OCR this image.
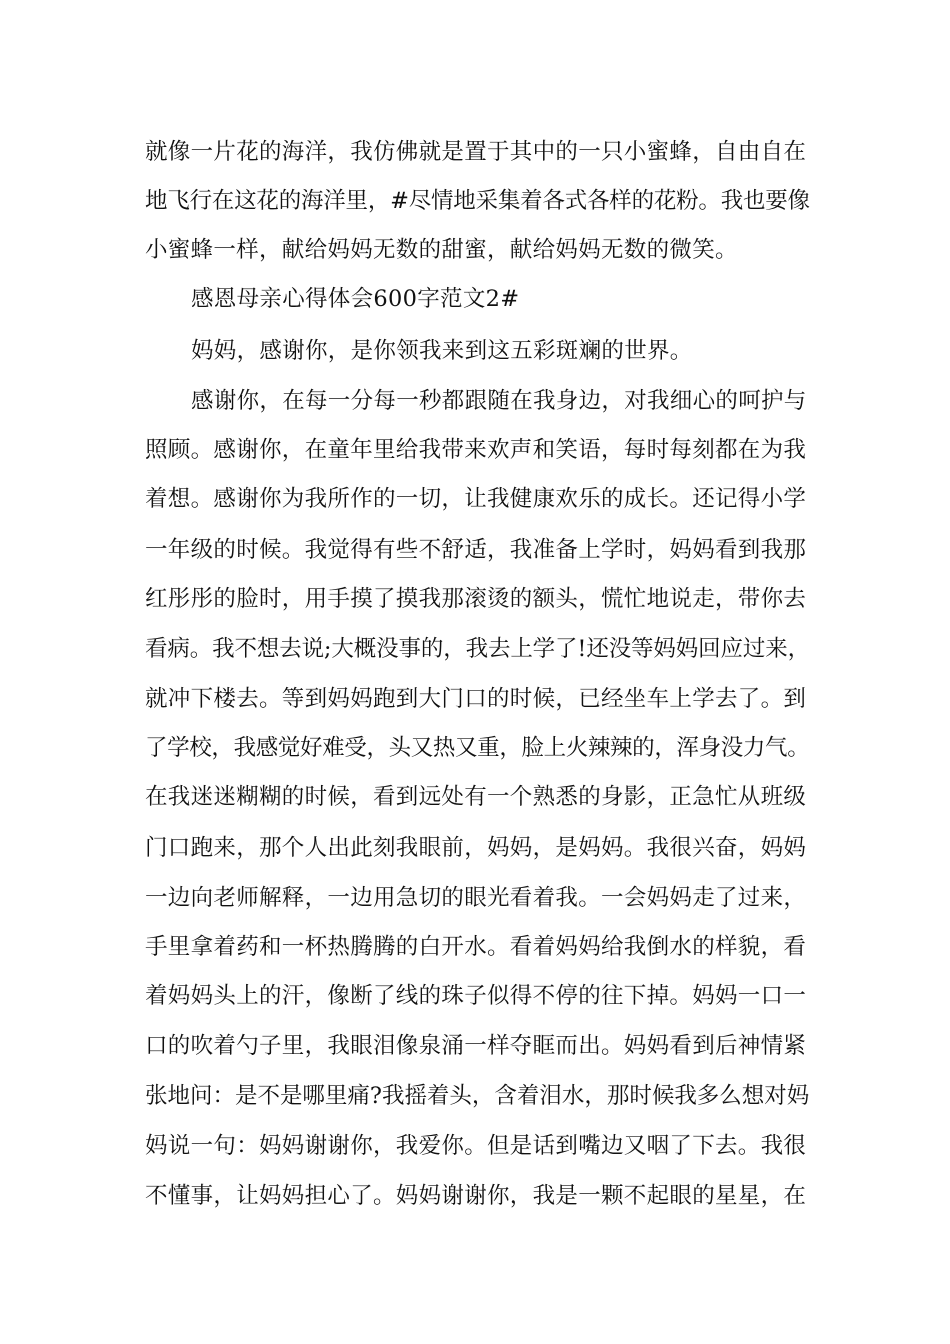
就像一片花的海洋，我仿佛就是置于其中的一只小蜜蜂，自由自在
地飞行在这花的海洋里，#尽情地采集着各式各样的花粉。我也要像
小蜜蜂一样，献给妈妈无数的甜蜜，献给妈妈无数的微笑。
感恩母亲心得体会600字范文2#
妈妈，感谢你，是你领我来到这五彩斑斓的世界。
感谢你，在每一分每一秒都跟随在我身边，对我细心的呵护与
照顾。感谢你，在童年里给我带来欢声和笑语，每时每刻都在为我
着想。感谢你为我所作的一切，让我健康欢乐的成长。还记得小学
一年级的时候。我觉得有些不舒适，我准备上学时，妈妈看到我那
红彤彤的脸时，用手摸了摸我那滚烫的额头，慌忙地说走，带你去
看病。我不想去说;大概没事的，我去上学了!还没等妈妈回应过来，
就冲下楼去。等到妈妈跑到大门口的时候，已经坐车上学去了。到
了学校，我感觉好难受，头又热又重，脸上火辣辣的，浑身没力气。
在我迷迷糊糊的时候，看到远处有一个熟悉的身影，正急忙从班级
门口跑来，那个人出此刻我眼前，妈妈，是妈妈。我很兴奋，妈妈
一边向老师解释，一边用急切的眼光看着我。一会妈妈走了过来，
手里拿着药和一杯热腾腾的白开水。看着妈妈给我倒水的样貌，看
着妈妈头上的汗，像断了线的珠子似得不停的往下掉。妈妈一口一
口的吹着勺子里，我眼泪像泉涌一样夺眶而出。妈妈看到后神情紧
张地问：是不是哪里痛?我摇着头，含着泪水，那时候我多么想对妈
妈说一句：妈妈谢谢你，我爱你。但是话到嘴边又咽了下去。我很
不懂事，让妈妈担心了。妈妈谢谢你，我是一颗不起眼的星星，在
